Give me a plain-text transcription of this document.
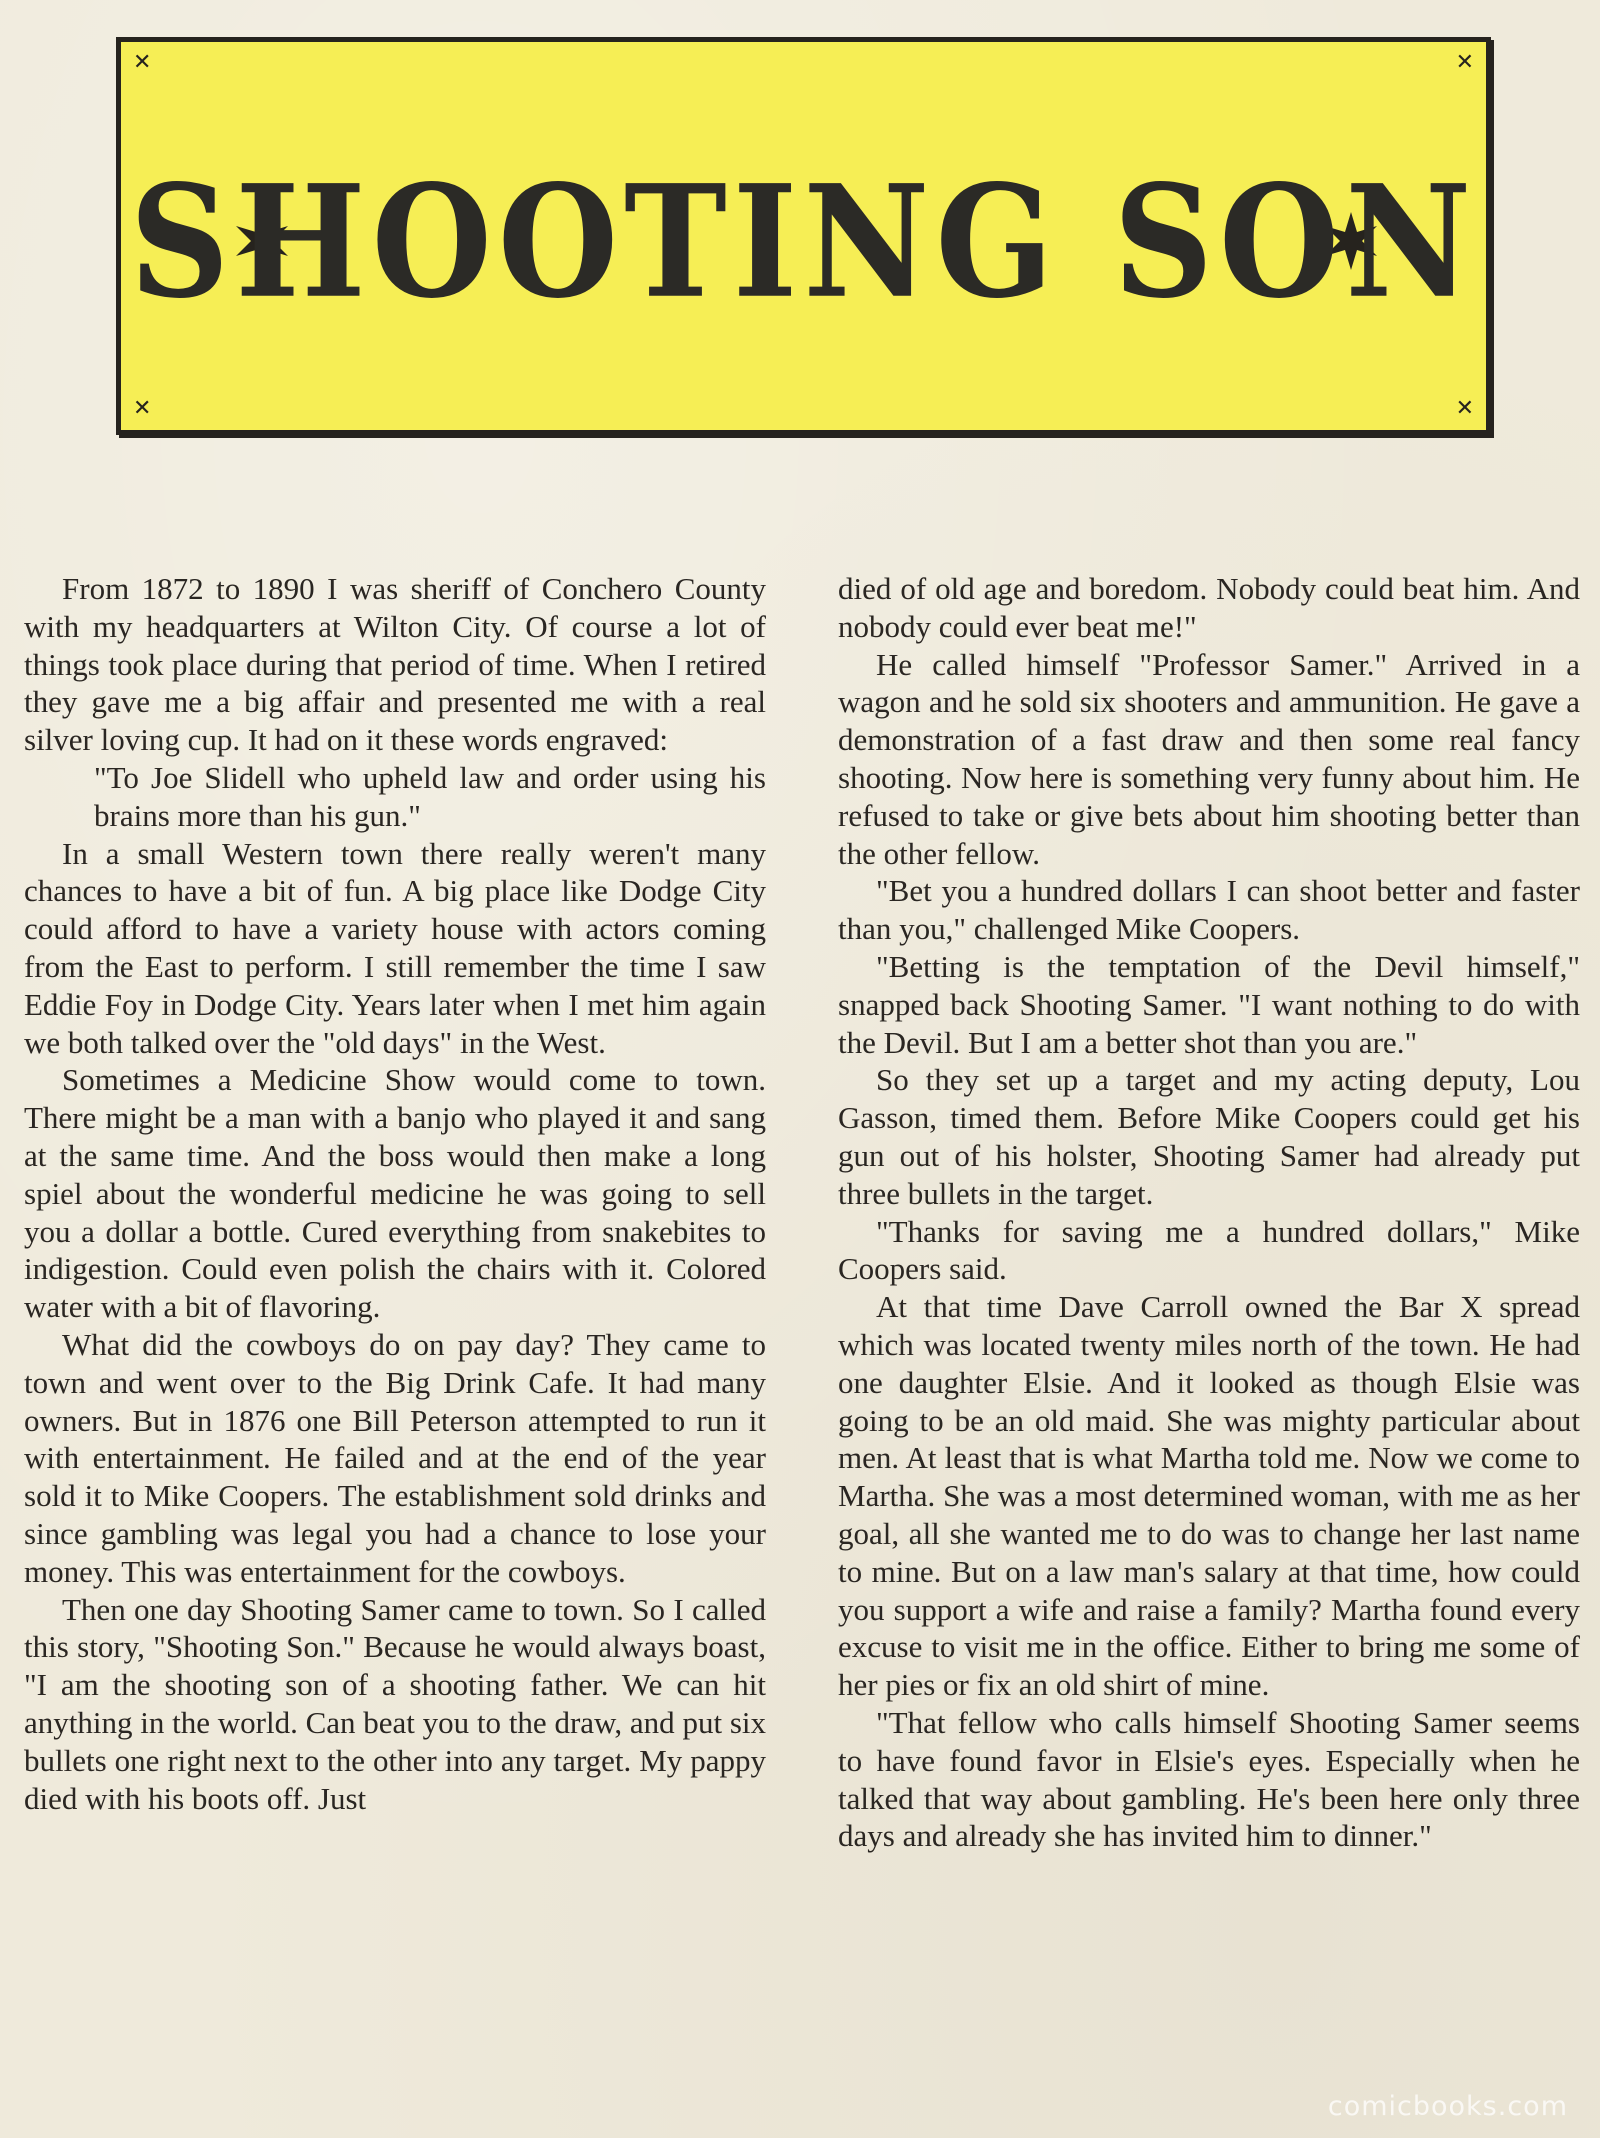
✕	✕
✕	✕
SHOOTING SON

From 1872 to 1890 I was sheriff of Conchero County with my headquarters at Wilton City. Of course a lot of things took place during that period of time. When I retired they gave me a big affair and presented me with a real silver loving cup. It had on it these words engraved:

"To Joe Slidell who upheld law and order using his brains more than his gun."

In a small Western town there really weren't many chances to have a bit of fun. A big place like Dodge City could afford to have a variety house with actors coming from the East to perform. I still remember the time I saw Eddie Foy in Dodge City. Years later when I met him again we both talked over the "old days" in the West.

Sometimes a Medicine Show would come to town. There might be a man with a banjo who played it and sang at the same time. And the boss would then make a long spiel about the wonderful medicine he was going to sell you a dollar a bottle. Cured everything from snakebites to indigestion. Could even polish the chairs with it. Colored water with a bit of flavoring.

What did the cowboys do on pay day? They came to town and went over to the Big Drink Cafe. It had many owners. But in 1876 one Bill Peterson attempted to run it with entertainment. He failed and at the end of the year sold it to Mike Coopers. The establishment sold drinks and since gambling was legal you had a chance to lose your money. This was entertainment for the cowboys.

Then one day Shooting Samer came to town. So I called this story, "Shooting Son." Because he would always boast, "I am the shooting son of a shooting father. We can hit anything in the world. Can beat you to the draw, and put six bullets one right next to the other into any target. My pappy died with his boots off. Just

died of old age and boredom. Nobody could beat him. And nobody could ever beat me!"

He called himself "Professor Samer." Arrived in a wagon and he sold six shooters and ammunition. He gave a demonstration of a fast draw and then some real fancy shooting. Now here is something very funny about him. He refused to take or give bets about him shooting better than the other fellow.

"Bet you a hundred dollars I can shoot better and faster than you," challenged Mike Coopers.

"Betting is the temptation of the Devil himself," snapped back Shooting Samer. "I want nothing to do with the Devil. But I am a better shot than you are."

So they set up a target and my acting deputy, Lou Gasson, timed them. Before Mike Coopers could get his gun out of his holster, Shooting Samer had already put three bullets in the target.

"Thanks for saving me a hundred dollars," Mike Coopers said.

At that time Dave Carroll owned the Bar X spread which was located twenty miles north of the town. He had one daughter Elsie. And it looked as though Elsie was going to be an old maid. She was mighty particular about men. At least that is what Martha told me. Now we come to Martha. She was a most determined woman, with me as her goal, all she wanted me to do was to change her last name to mine. But on a law man's salary at that time, how could you support a wife and raise a family? Martha found every excuse to visit me in the office. Either to bring me some of her pies or fix an old shirt of mine.

"That fellow who calls himself Shooting Samer seems to have found favor in Elsie's eyes. Especially when he talked that way about gambling. He's been here only three days and already she has invited him to dinner."

comicbooks.com
